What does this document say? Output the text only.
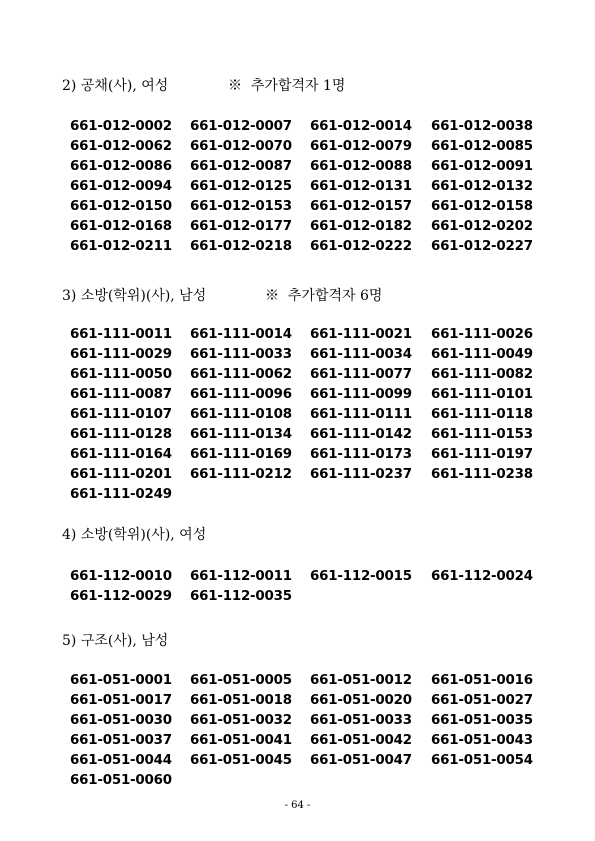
2) 공채(사), 여성	※  추가합격자 1명
661-012-0002	661-012-0007	661-012-0014	661-012-0038
661-012-0062	661-012-0070	661-012-0079	661-012-0085
661-012-0086	661-012-0087	661-012-0088	661-012-0091
661-012-0094	661-012-0125	661-012-0131	661-012-0132
661-012-0150	661-012-0153	661-012-0157	661-012-0158
661-012-0168	661-012-0177	661-012-0182	661-012-0202
661-012-0211	661-012-0218	661-012-0222	661-012-0227
3) 소방(학위)(사), 남성	※  추가합격자 6명
661-111-0011	661-111-0014	661-111-0021	661-111-0026
661-111-0029	661-111-0033	661-111-0034	661-111-0049
661-111-0050	661-111-0062	661-111-0077	661-111-0082
661-111-0087	661-111-0096	661-111-0099	661-111-0101
661-111-0107	661-111-0108	661-111-0111	661-111-0118
661-111-0128	661-111-0134	661-111-0142	661-111-0153
661-111-0164	661-111-0169	661-111-0173	661-111-0197
661-111-0201	661-111-0212	661-111-0237	661-111-0238
661-111-0249
4) 소방(학위)(사), 여성
661-112-0010	661-112-0011	661-112-0015	661-112-0024
661-112-0029	661-112-0035
5) 구조(사), 남성
661-051-0001	661-051-0005	661-051-0012	661-051-0016
661-051-0017	661-051-0018	661-051-0020	661-051-0027
661-051-0030	661-051-0032	661-051-0033	661-051-0035
661-051-0037	661-051-0041	661-051-0042	661-051-0043
661-051-0044	661-051-0045	661-051-0047	661-051-0054
661-051-0060
- 64 -
